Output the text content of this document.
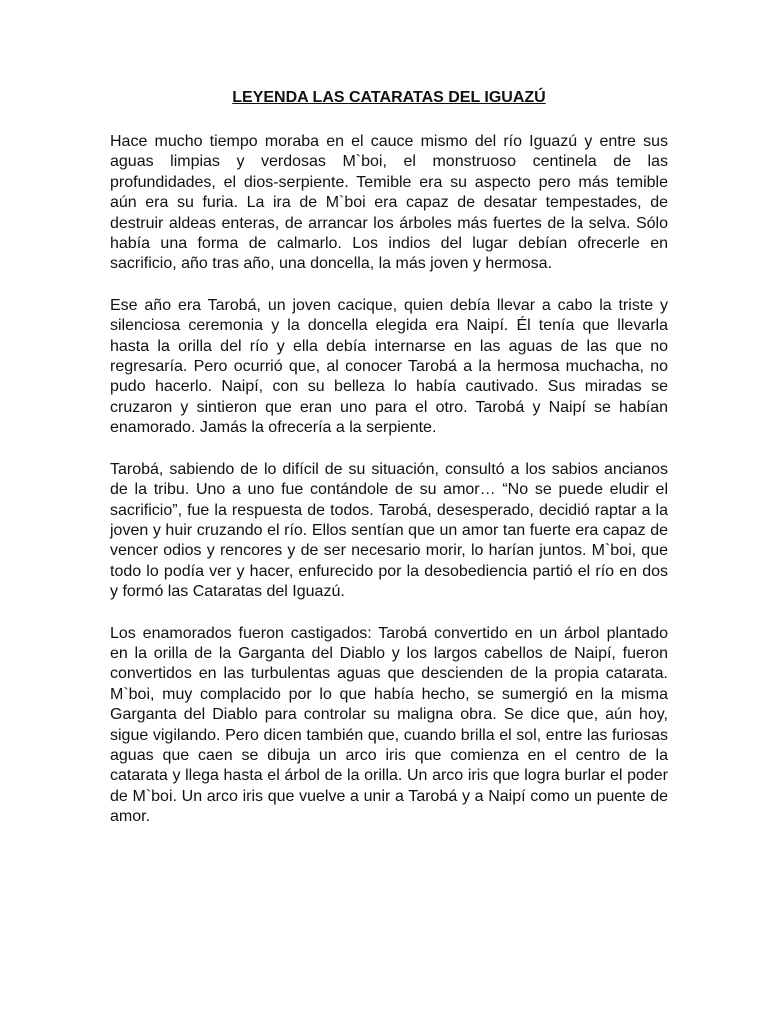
LEYENDA LAS CATARATAS DEL IGUAZÚ

Hace mucho tiempo moraba en el cauce mismo del río Iguazú y entre sus aguas limpias y verdosas M`boi, el monstruoso centinela de las profundidades, el dios-serpiente. Temible era su aspecto pero más temible aún era su furia. La ira de M`boi era capaz de desatar tempestades, de destruir aldeas enteras, de arrancar los árboles más fuertes de la selva. Sólo había una forma de calmarlo. Los indios del lugar debían ofrecerle en sacrificio, año tras año, una doncella, la más joven y hermosa.

Ese año era Tarobá, un joven cacique, quien debía llevar a cabo la triste y silenciosa ceremonia y la doncella elegida era Naipí. Él tenía que llevarla hasta la orilla del río y ella debía internarse en las aguas de las que no regresaría. Pero ocurrió que, al conocer Tarobá a la hermosa muchacha, no pudo hacerlo. Naipí, con su belleza lo había cautivado. Sus miradas se cruzaron y sintieron que eran uno para el otro. Tarobá y Naipí se habían enamorado. Jamás la ofrecería a la serpiente.

Tarobá, sabiendo de lo difícil de su situación, consultó a los sabios ancianos de la tribu. Uno a uno fue contándole de su amor… “No se puede eludir el sacrificio”, fue la respuesta de todos. Tarobá, desesperado, decidió raptar a la joven y huir cruzando el río. Ellos sentían que un amor tan fuerte era capaz de vencer odios y rencores y de ser necesario morir, lo harían juntos. M`boi, que todo lo podía ver y hacer, enfurecido por la desobediencia partió el río en dos y formó las Cataratas del Iguazú.

Los enamorados fueron castigados: Tarobá convertido en un árbol plantado en la orilla de la Garganta del Diablo y los largos cabellos de Naipí, fueron convertidos en las turbulentas aguas que descienden de la propia catarata. M`boi, muy complacido por lo que había hecho, se sumergió en la misma Garganta del Diablo para controlar su maligna obra. Se dice que, aún hoy, sigue vigilando. Pero dicen también que, cuando brilla el sol, entre las furiosas aguas que caen se dibuja un arco iris que comienza en el centro de la catarata y llega hasta el árbol de la orilla. Un arco iris que logra burlar el poder de M`boi. Un arco iris que vuelve a unir a Tarobá y a Naipí como un puente de amor.
